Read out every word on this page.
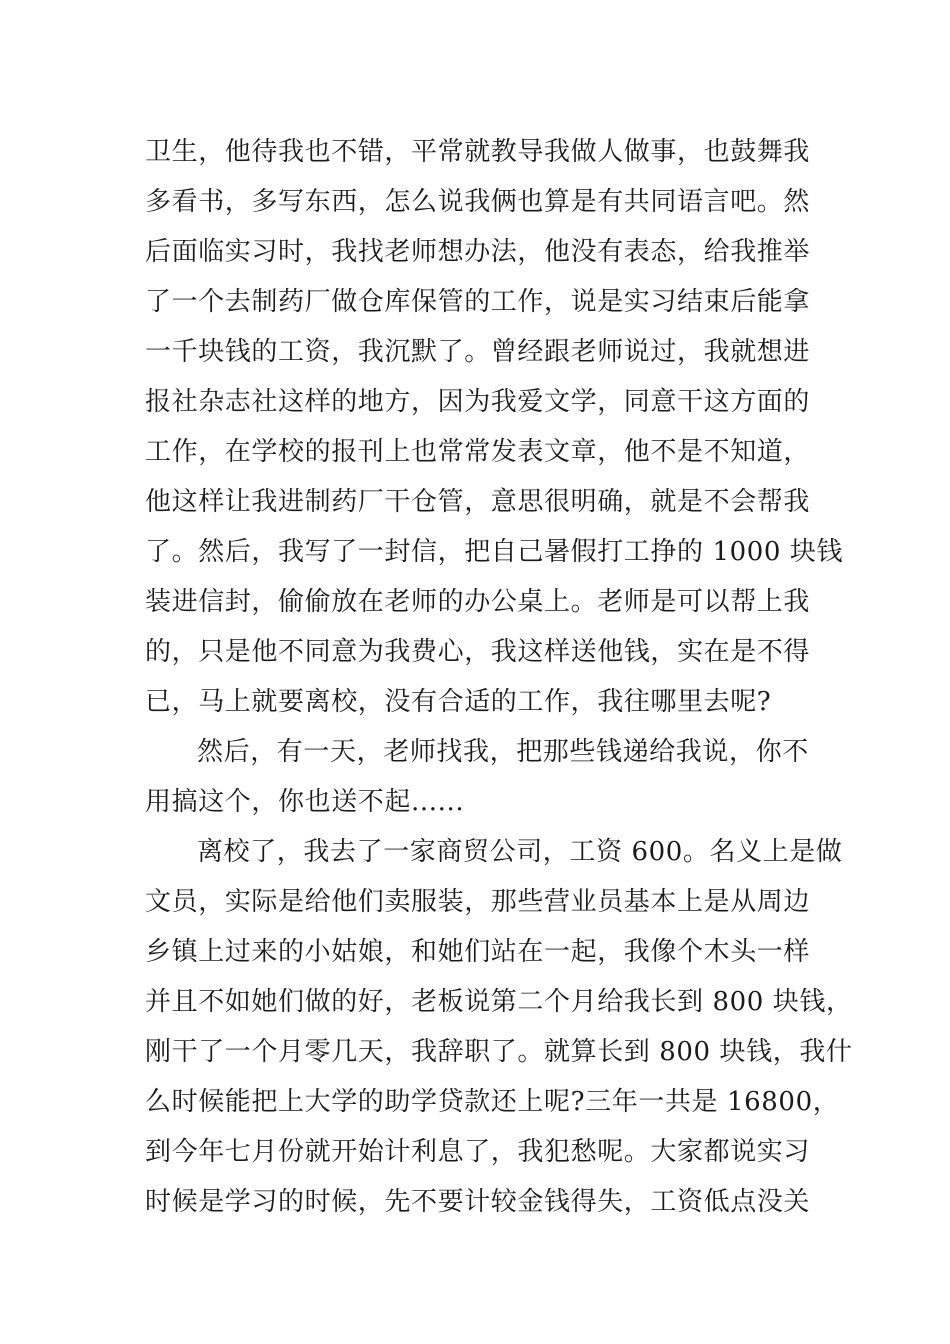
卫生，他待我也不错，平常就教导我做人做事，也鼓舞我
多看书，多写东西，怎么说我俩也算是有共同语言吧。然
后面临实习时，我找老师想办法，他没有表态，给我推举
了一个去制药厂做仓库保管的工作，说是实习结束后能拿
一千块钱的工资，我沉默了。曾经跟老师说过，我就想进
报社杂志社这样的地方，因为我爱文学，同意干这方面的
工作，在学校的报刊上也常常发表文章，他不是不知道，
他这样让我进制药厂干仓管，意思很明确，就是不会帮我
了。然后，我写了一封信，把自己暑假打工挣的 1000 块钱
装进信封，偷偷放在老师的办公桌上。老师是可以帮上我
的，只是他不同意为我费心，我这样送他钱，实在是不得
已，马上就要离校，没有合适的工作，我往哪里去呢?
然后，有一天，老师找我，把那些钱递给我说，你不
用搞这个，你也送不起......
离校了，我去了一家商贸公司，工资 600。名义上是做
文员，实际是给他们卖服装，那些营业员基本上是从周边
乡镇上过来的小姑娘，和她们站在一起，我像个木头一样
并且不如她们做的好，老板说第二个月给我长到 800 块钱，
刚干了一个月零几天，我辞职了。就算长到 800 块钱，我什
么时候能把上大学的助学贷款还上呢?三年一共是 16800，
到今年七月份就开始计利息了，我犯愁呢。大家都说实习
时候是学习的时候，先不要计较金钱得失，工资低点没关
